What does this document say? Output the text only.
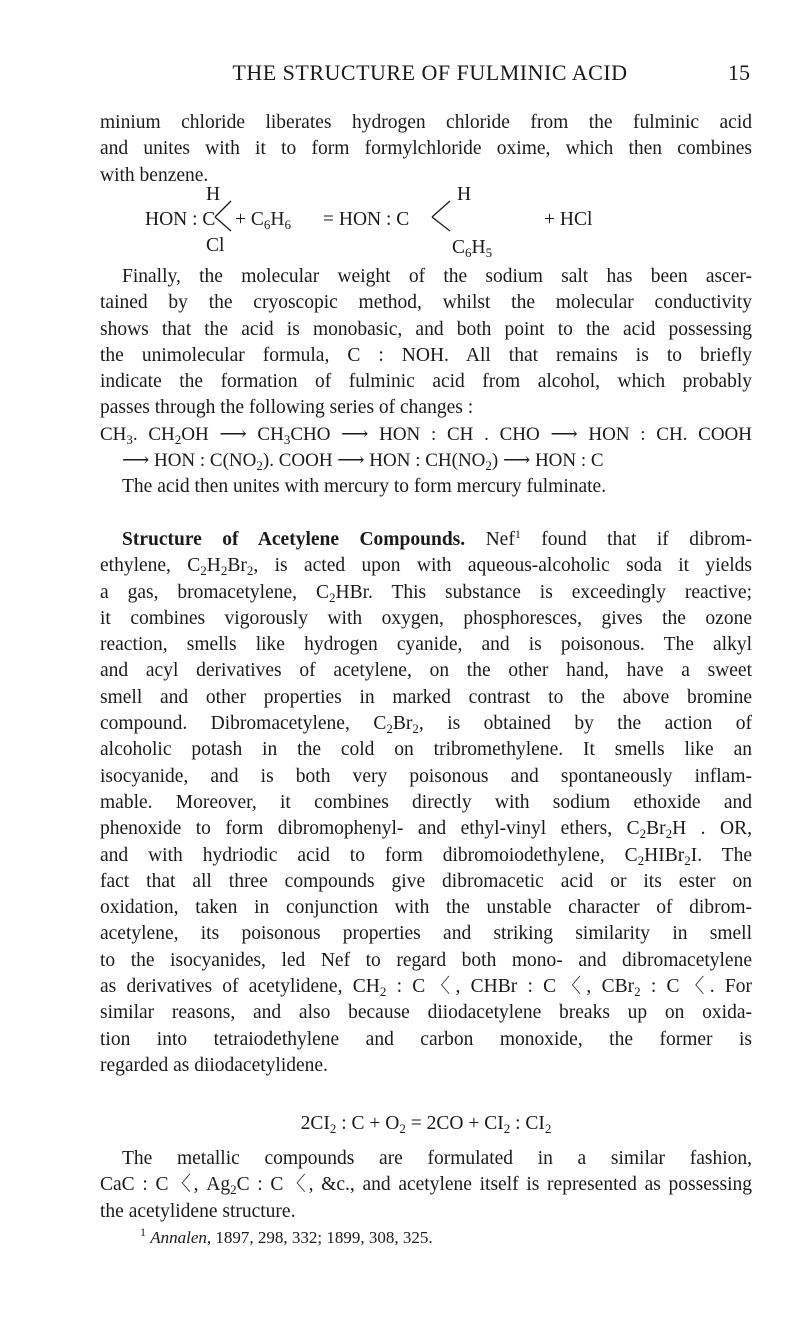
THE STRUCTURE OF FULMINIC ACID	15
minium chloride liberates hydrogen chloride from the fulminic acid
and unites with it to form formylchloride oxime, which then combines
with benzene.
H
HON : $C + C_6H_6$ = HON : C
Cl
H
+ HCl
$C_6H_5$
Finally, the molecular weight of the sodium salt has been ascer-
tained by the cryoscopic method, whilst the molecular conductivity
shows that the acid is monobasic, and both point to the acid possessing
the unimolecular formula, C : NOH. All that remains is to briefly
indicate the formation of fulminic acid from alcohol, which probably
passes through the following series of changes :
$CH_3$. $CH_2OH$ ⟶ $CH_3CHO$ ⟶ HON : CH . CHO ⟶ HON : CH. COOH
⟶ HON : $C(NO_2)$. COOH ⟶ HON : $CH(NO_2)$ ⟶ HON : C
The acid then unites with mercury to form mercury fulminate.
Structure of Acetylene Compounds. Nef$^1$ found that if dibrom-
ethylene, $C_2H_2Br_2$, is acted upon with aqueous-alcoholic soda it yields
a gas, bromacetylene, $C_2HBr$. This substance is exceedingly reactive;
it combines vigorously with oxygen, phosphoresces, gives the ozone
reaction, smells like hydrogen cyanide, and is poisonous. The alkyl
and acyl derivatives of acetylene, on the other hand, have a sweet
smell and other properties in marked contrast to the above bromine
compound. Dibromacetylene, $C_2Br_2$, is obtained by the action of
alcoholic potash in the cold on tribromethylene. It smells like an
isocyanide, and is both very poisonous and spontaneously inflam-
mable. Moreover, it combines directly with sodium ethoxide and
phenoxide to form dibromophenyl- and ethyl-vinyl ethers, $C_2Br_2H$ . OR,
and with hydriodic acid to form dibromoiodethylene, $C_2HIBr_2I$. The
fact that all three compounds give dibromacetic acid or its ester on
oxidation, taken in conjunction with the unstable character of dibrom-
acetylene, its poisonous properties and striking similarity in smell
to the isocyanides, led Nef to regard both mono- and dibromacetylene
as derivatives of acetylidene, $CH_2$ : C〈, CHBr : C〈, CBr$_2$ : C〈. For
similar reasons, and also because diiodacetylene breaks up on oxida-
tion into tetraiodethylene and carbon monoxide, the former is
regarded as diiodacetylidene.
$2CI_2$ : $C + O_2 = 2CO + CI_2$ : $CI_2$
The metallic compounds are formulated in a similar fashion,
CaC : C〈, $Ag_2C$ : C〈, &c., and acetylene itself is represented as possessing
the acetylidene structure.
$^1$ Annalen, 1897, 298, 332; 1899, 308, 325.
